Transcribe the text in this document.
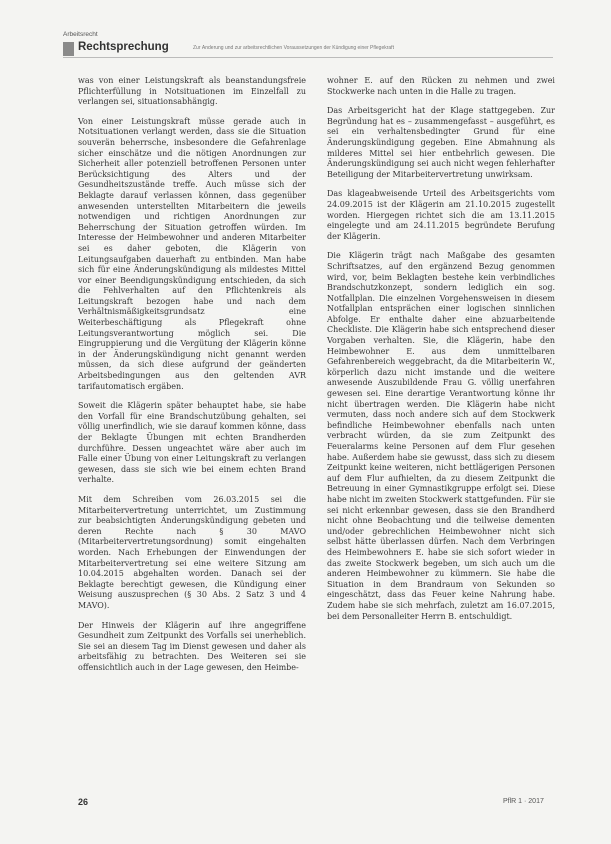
Arbeitsrecht
Rechtsprechung	Zur Änderung und zur arbeitsrechtlichen Voraussetzungen der Kündigung einer Pflegekraft

was von einer Leistungskraft als beanstandungsfreie Pflichterfüllung in Notsituationen im Einzelfall zu verlangen sei, situationsabhängig.

Von einer Leistungskraft müsse gerade auch in Notsituationen verlangt werden, dass sie die Situation souverän beherrsche, insbesondere die Gefahrenlage sicher einschätze und die nötigen Anordnungen zur Sicherheit aller potenziell betroffenen Personen unter Berücksichtigung des Alters und der Gesundheitszustände treffe. Auch müsse sich der Beklagte darauf verlassen können, dass gegenüber anwesenden unterstellten Mitarbeitern die jeweils notwendigen und richtigen Anordnungen zur Beherrschung der Situation getroffen würden. Im Interesse der Heimbewohner und anderen Mitarbeiter sei es daher geboten, die Klägerin von Leitungsaufgaben dauerhaft zu entbinden. Man habe sich für eine Änderungskündigung als mildestes Mittel vor einer Beendigungskündigung entschieden, da sich die Fehlverhalten auf den Pflichtenkreis als Leitungskraft bezogen habe und nach dem Verhältnismäßigkeitsgrundsatz eine Weiterbeschäftigung als Pflegekraft ohne Leitungsverantwortung möglich sei. Die Eingruppierung und die Vergütung der Klägerin könne in der Änderungskündigung nicht genannt werden müssen, da sich diese aufgrund der geänderten Arbeitsbedingungen aus den geltenden AVR tarifautomatisch ergäben.

Soweit die Klägerin später behauptet habe, sie habe den Vorfall für eine Brandschutzübung gehalten, sei völlig unerfindlich, wie sie darauf kommen könne, dass der Beklagte Übungen mit echten Brandherden durchführe. Dessen ungeachtet wäre aber auch im Falle einer Übung von einer Leitungskraft zu verlangen gewesen, dass sie sich wie bei einem echten Brand verhalte.

Mit dem Schreiben vom 26.03.2015 sei die Mitarbeitervertretung unterrichtet, um Zustimmung zur beabsichtigten Änderungskündigung gebeten und deren Rechte nach § 30 MAVO (Mitarbeitervertretungsordnung) somit eingehalten worden. Nach Erhebungen der Einwendungen der Mitarbeitervertretung sei eine weitere Sitzung am 10.04.2015 abgehalten worden. Danach sei der Beklagte berechtigt gewesen, die Kündigung einer Weisung auszusprechen (§ 30 Abs. 2 Satz 3 und 4 MAVO).

Der Hinweis der Klägerin auf ihre angegriffene Gesundheit zum Zeitpunkt des Vorfalls sei unerheblich. Sie sei an diesem Tag im Dienst gewesen und daher als arbeitsfähig zu betrachten. Des Weiteren sei sie offensichtlich auch in der Lage gewesen, den Heimbe-

wohner E. auf den Rücken zu nehmen und zwei Stockwerke nach unten in die Halle zu tragen.

Das Arbeitsgericht hat der Klage stattgegeben. Zur Begründung hat es – zusammengefasst – ausgeführt, es sei ein verhaltensbedingter Grund für eine Änderungskündigung gegeben. Eine Abmahnung als milderes Mittel sei hier entbehrlich gewesen. Die Änderungskündigung sei auch nicht wegen fehlerhafter Beteiligung der Mitarbeitervertretung unwirksam.

Das klageabweisende Urteil des Arbeitsgerichts vom 24.09.2015 ist der Klägerin am 21.10.2015 zugestellt worden. Hiergegen richtet sich die am 13.11.2015 eingelegte und am 24.11.2015 begründete Berufung der Klägerin.

Die Klägerin trägt nach Maßgabe des gesamten Schriftsatzes, auf den ergänzend Bezug genommen wird, vor, beim Beklagten bestehe kein verbindliches Brandschutzkonzept, sondern lediglich ein sog. Notfallplan. Die einzelnen Vorgehensweisen in diesem Notfallplan entsprächen einer logischen sinnlichen Abfolge. Er enthalte daher eine abzuarbeitende Checkliste. Die Klägerin habe sich entsprechend dieser Vorgaben verhalten. Sie, die Klägerin, habe den Heimbewohner E. aus dem unmittelbaren Gefahrenbereich weggebracht, da die Mitarbeiterin W., körperlich dazu nicht imstande und die weitere anwesende Auszubildende Frau G. völlig unerfahren gewesen sei. Eine derartige Verantwortung könne ihr nicht übertragen werden. Die Klägerin habe nicht vermuten, dass noch andere sich auf dem Stockwerk befindliche Heimbewohner ebenfalls nach unten verbracht würden, da sie zum Zeitpunkt des Feueralarms keine Personen auf dem Flur gesehen habe. Außerdem habe sie gewusst, dass sich zu diesem Zeitpunkt keine weiteren, nicht bettlägerigen Personen auf dem Flur aufhielten, da zu diesem Zeitpunkt die Betreuung in einer Gymnastikgruppe erfolgt sei. Diese habe nicht im zweiten Stockwerk stattgefunden. Für sie sei nicht erkennbar gewesen, dass sie den Brandherd nicht ohne Beobachtung und die teilweise dementen und/oder gebrechlichen Heimbewohner nicht sich selbst hätte überlassen dürfen. Nach dem Verbringen des Heimbewohners E. habe sie sich sofort wieder in das zweite Stockwerk begeben, um sich auch um die anderen Heimbewohner zu kümmern. Sie habe die Situation in dem Brandraum von Sekunden so eingeschätzt, dass das Feuer keine Nahrung habe. Zudem habe sie sich mehrfach, zuletzt am 16.07.2015, bei dem Personalleiter Herrn B. entschuldigt.

26	PflR 1 · 2017
